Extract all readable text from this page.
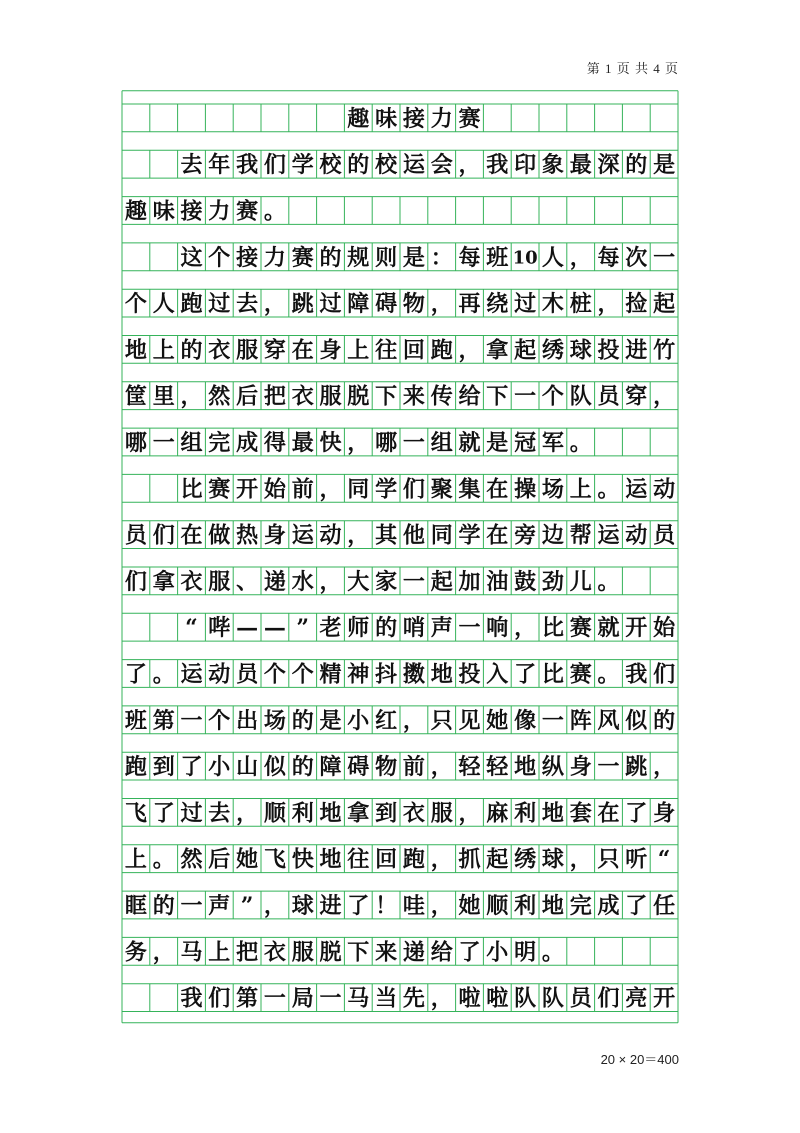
第 1 页 共 4 页
趣 味 接 力 赛
去 年 我 们 学 校 的 校 运 会 ， 我 印 象 最 深 的 是
趣 味 接 力 赛 。
这 个 接 力 赛 的 规 则 是 ： 每 班 10 人 ， 每 次 一
个 人 跑 过 去 ， 跳 过 障 碍 物 ， 再 绕 过 木 桩 ， 捡 起
地 上 的 衣 服 穿 在 身 上 往 回 跑 ， 拿 起 绣 球 投 进 竹
筐 里 ， 然 后 把 衣 服 脱 下 来 传 给 下 一 个 队 员 穿 ，
哪 一 组 完 成 得 最 快 ， 哪 一 组 就 是 冠 军 。
比 赛 开 始 前 ， 同 学 们 聚 集 在 操 场 上 。 运 动
员 们 在 做 热 身 运 动 ， 其 他 同 学 在 旁 边 帮 运 动 员
们 拿 衣 服 、 递 水 ， 大 家 一 起 加 油 鼓 劲 儿 。
“ 哔 — — ” 老 师 的 哨 声 一 响 ， 比 赛 就 开 始
了 。 运 动 员 个 个 精 神 抖 擞 地 投 入 了 比 赛 。 我 们
班 第 一 个 出 场 的 是 小 红 ， 只 见 她 像 一 阵 风 似 的
跑 到 了 小 山 似 的 障 碍 物 前 ， 轻 轻 地 纵 身 一 跳 ，
飞 了 过 去 ， 顺 利 地 拿 到 衣 服 ， 麻 利 地 套 在 了 身
上 。 然 后 她 飞 快 地 往 回 跑 ， 抓 起 绣 球 ， 只 听 “
眶 的 一 声 ” ， 球 进 了 ！ 哇 ， 她 顺 利 地 完 成 了 任
务 ， 马 上 把 衣 服 脱 下 来 递 给 了 小 明 。
我 们 第 一 局 一 马 当 先 ， 啦 啦 队 队 员 们 亮 开
20 × 20＝400
